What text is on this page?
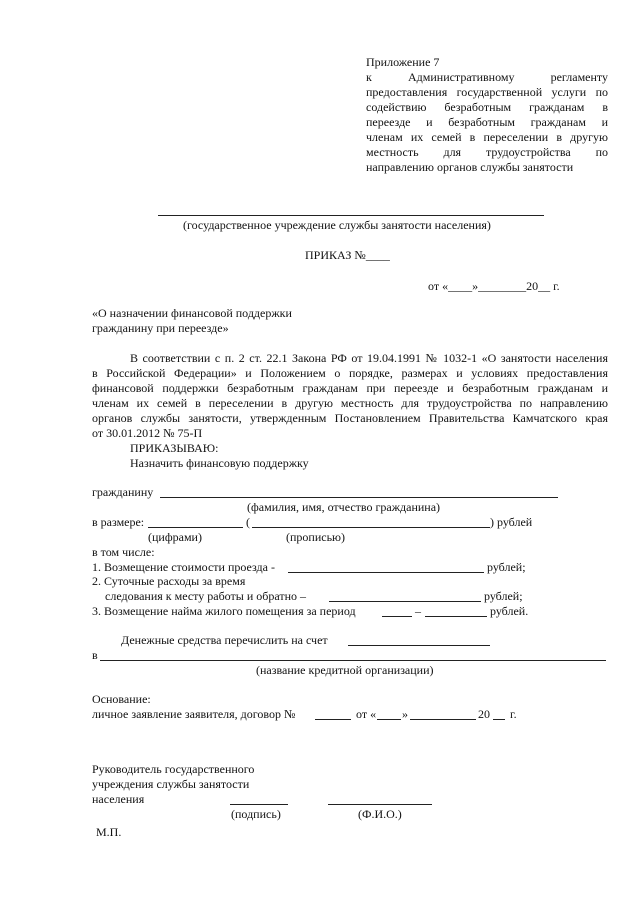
Приложение 7
к Административному регламенту
предоставления государственной услуги по
содействию безработным гражданам в
переезде и безработным гражданам и
членам их семей в переселении в другую
местность для трудоустройства по
направлению органов службы занятости
(государственное учреждение службы занятости населения)
ПРИКАЗ №____
от «____»________20__ г.
«О назначении финансовой поддержки
гражданину при переезде»
В соответствии с п. 2 ст. 22.1 Закона РФ от 19.04.1991 № 1032-1 «О занятости населения
в Российской Федерации» и Положением о порядке, размерах и условиях предоставления
финансовой поддержки безработным гражданам при переезде и безработным гражданам и
членам их семей в переселении в другую местность для трудоустройства по направлению
органов службы занятости, утвержденным Постановлением Правительства Камчатского края
от 30.01.2012 № 75-П
ПРИКАЗЫВАЮ:
Назначить финансовую поддержку
гражданину
(фамилия, имя, отчество гражданина)
в размере:	(	) рублей
(цифрами)	(прописью)
в том числе:
1. Возмещение стоимости проезда -	рублей;
2. Суточные расходы за время
следования к месту работы и обратно –	рублей;
3. Возмещение найма жилого помещения за период	–	рублей.
Денежные средства перечислить на счет
в
(название кредитной организации)
Основание:
личное заявление заявителя, договор №	от « »	20 г.
Руководитель государственного
учреждения службы занятости
населения
(подпись)	(Ф.И.О.)
М.П.
